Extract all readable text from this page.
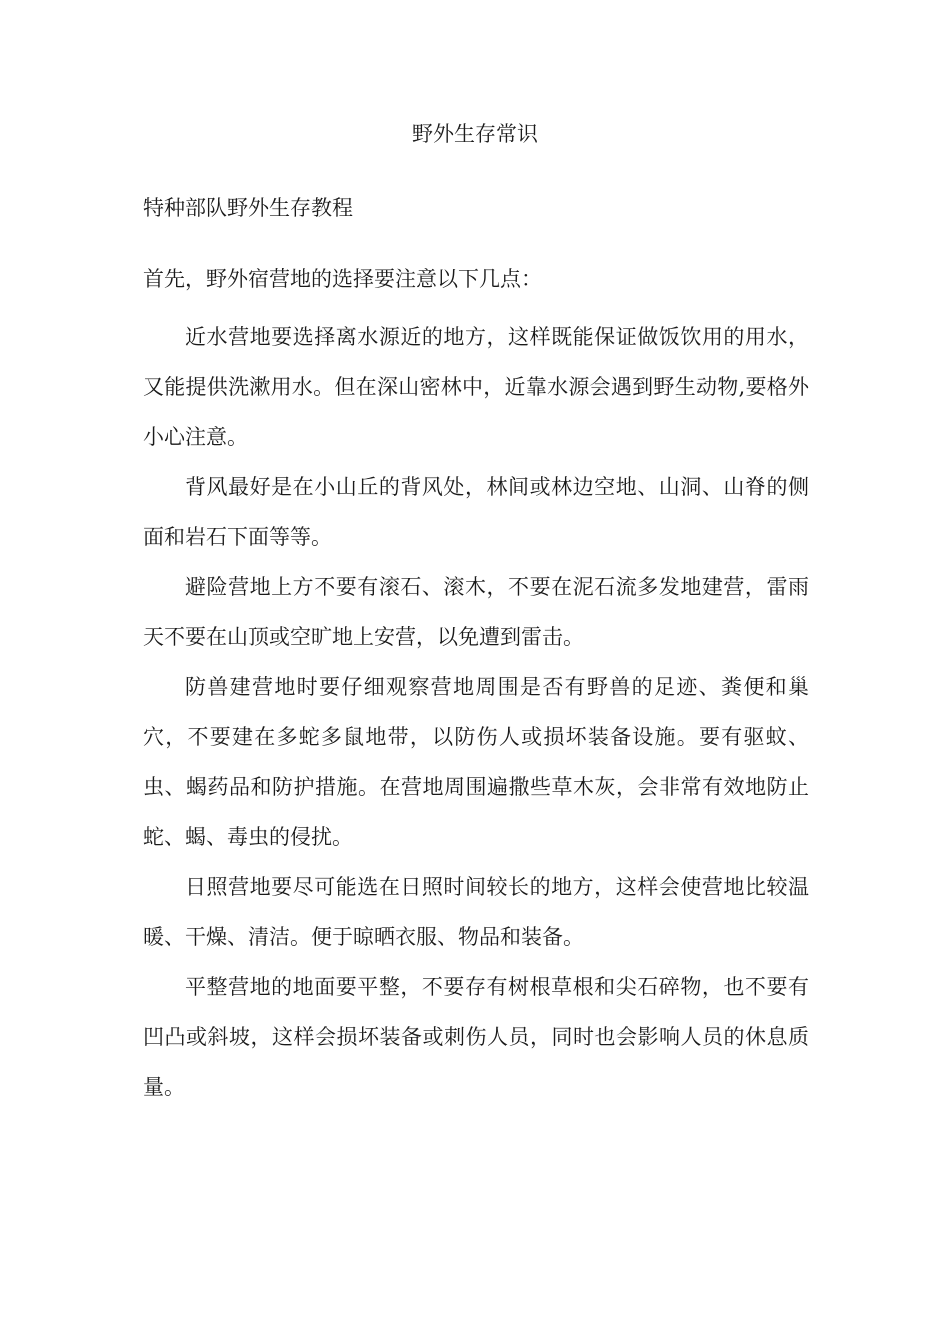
野外生存常识
特种部队野外生存教程
首先，野外宿营地的选择要注意以下几点：

近水营地要选择离水源近的地方，这样既能保证做饭饮用的用水，又能提供洗漱用水。但在深山密林中，近靠水源会遇到野生动物,要格外小心注意。

背风最好是在小山丘的背风处，林间或林边空地、山洞、山脊的侧面和岩石下面等等。

避险营地上方不要有滚石、滚木，不要在泥石流多发地建营，雷雨天不要在山顶或空旷地上安营，以免遭到雷击。

防兽建营地时要仔细观察营地周围是否有野兽的足迹、粪便和巢穴，不要建在多蛇多鼠地带，以防伤人或损坏装备设施。要有驱蚊、虫、蝎药品和防护措施。在营地周围遍撒些草木灰，会非常有效地防止蛇、蝎、毒虫的侵扰。

日照营地要尽可能选在日照时间较长的地方，这样会使营地比较温暖、干燥、清洁。便于晾晒衣服、物品和装备。

平整营地的地面要平整，不要存有树根草根和尖石碎物，也不要有凹凸或斜坡，这样会损坏装备或刺伤人员，同时也会影响人员的休息质量。
